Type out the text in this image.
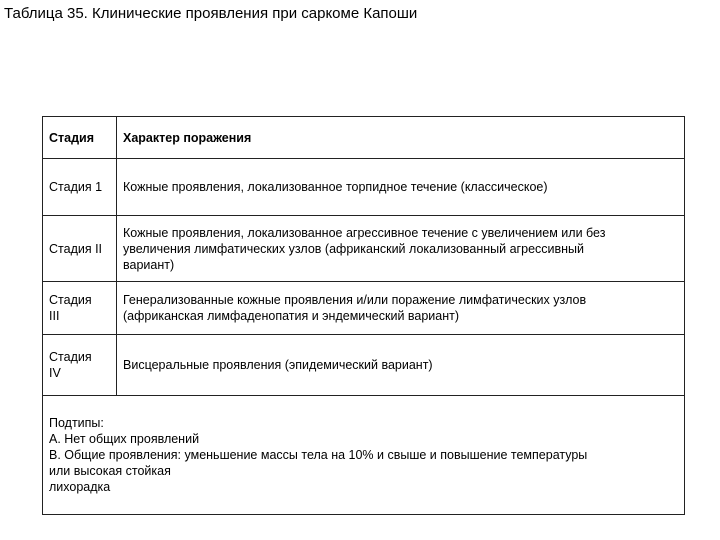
Таблица 35. Клинические проявления при саркоме Капоши
Стадия	Характер поражения

Стадия 1	Кожные проявления, локализованное торпидное течение (классическое)

Стадия II	Кожные проявления, локализованное агрессивное течение с увеличением или без
увеличения лимфатических узлов (африканский локализованный агрессивный
вариант)

Стадия
III	Генерализованные кожные проявления и/или поражение лимфатических узлов
(африканская лимфаденопатия и эндемический вариант)

Стадия
IV	Висцеральные проявления (эпидемический вариант)

Подтипы:
А. Нет общих проявлений
В. Общие проявления: уменьшение массы тела на 10% и свыше и повышение температуры
или высокая стойкая
лихорадка	
